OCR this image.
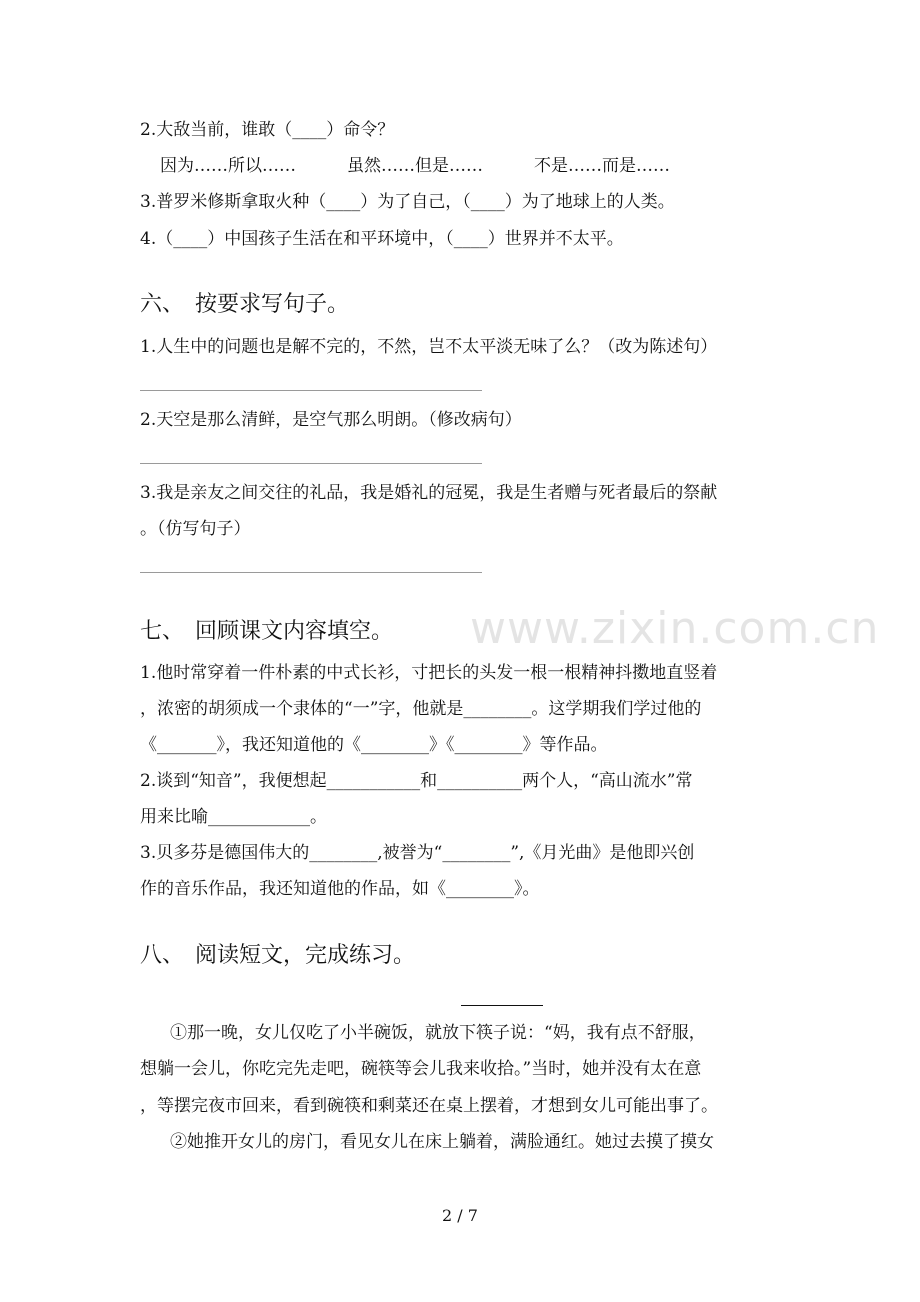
www.zixin.com.cn
2.大敌当前，谁敢（____）命令？
因为……所以……　　　虽然……但是……　　　不是……而是……
3.普罗米修斯拿取火种（____）为了自己，（____）为了地球上的人类。
4.（____）中国孩子生活在和平环境中，（____）世界并不太平。
六、　按要求写句子。
1.人生中的问题也是解不完的，不然，岂不太平淡无味了么？（改为陈述句）
2.天空是那么清鲜，是空气那么明朗。（修改病句）
3.我是亲友之间交往的礼品，我是婚礼的冠冕，我是生者赠与死者最后的祭献
。（仿写句子）
七、　回顾课文内容填空。
1.他时常穿着一件朴素的中式长衫，寸把长的头发一根一根精神抖擞地直竖着
，浓密的胡须成一个隶体的“一”字，他就是________。这学期我们学过他的
《_______》，我还知道他的《________》《________》等作品。
2.谈到“知音”，我便想起___________和__________两个人，“高山流水”常
用来比喻____________。
3.贝多芬是德国伟大的________,被誉为“________”,《月光曲》是他即兴创
作的音乐作品，我还知道他的作品，如《________》。
八、　阅读短文，完成练习。
①那一晚，女儿仅吃了小半碗饭，就放下筷子说：“妈，我有点不舒服，
想躺一会儿，你吃完先走吧，碗筷等会儿我来收拾。”当时，她并没有太在意
，等摆完夜市回来，看到碗筷和剩菜还在桌上摆着，才想到女儿可能出事了。
②她推开女儿的房门，看见女儿在床上躺着，满脸通红。她过去摸了摸女
2 / 7
